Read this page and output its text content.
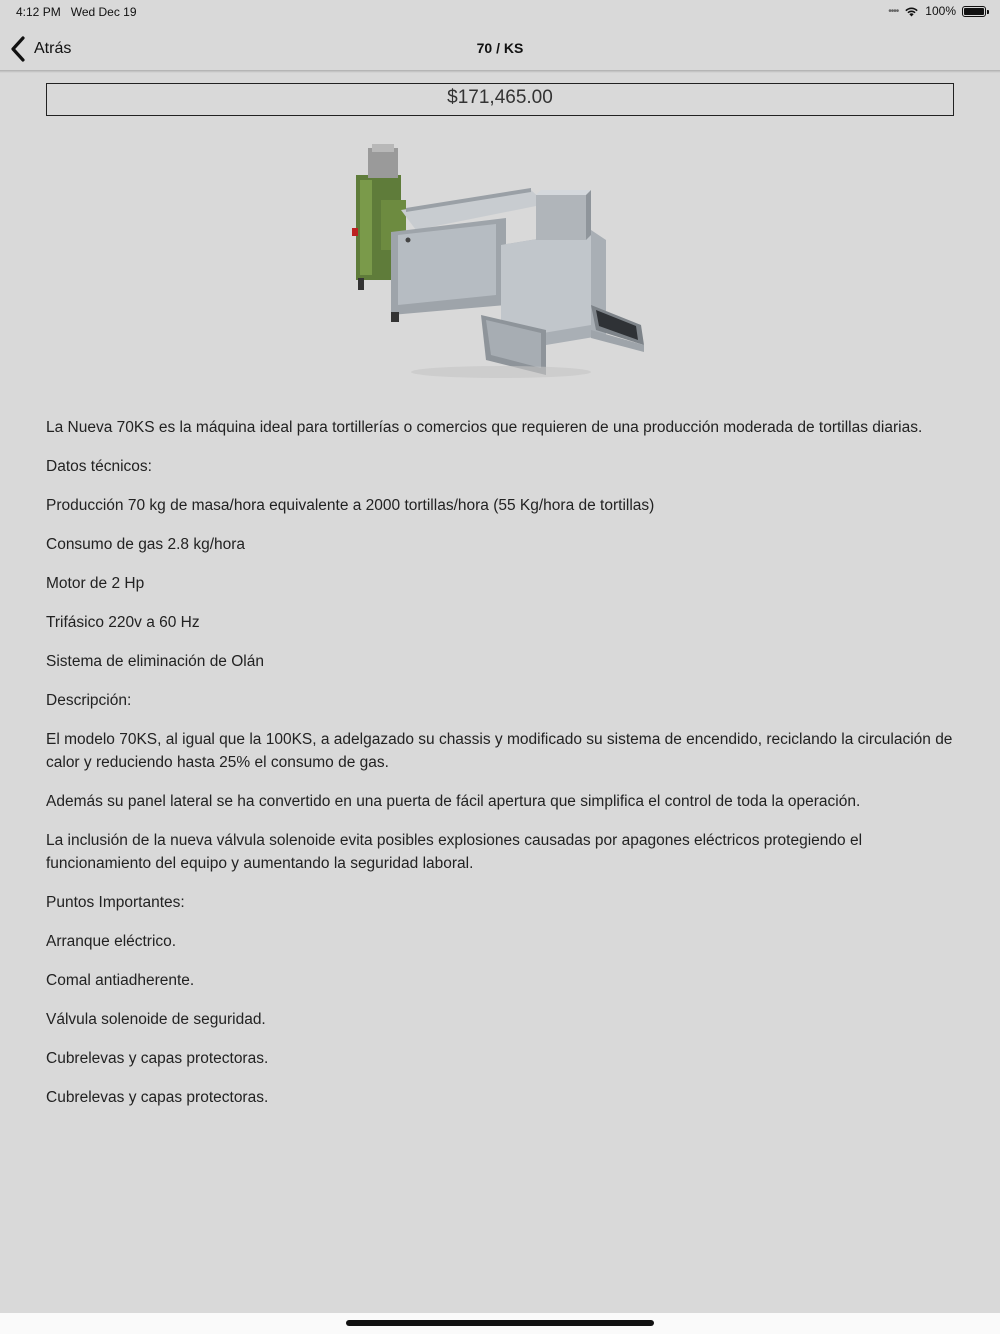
4:12 PM Wed Dec 19	•••• 100%
Atrás	70 / KS
$171,465.00

La Nueva 70KS es la máquina ideal para tortillerías o comercios que requieren de una producción moderada de tortillas diarias.

Datos técnicos:

Producción 70 kg de masa/hora equivalente a 2000 tortillas/hora (55 Kg/hora de tortillas)

Consumo de gas 2.8 kg/hora

Motor de 2 Hp

Trifásico 220v a 60 Hz

Sistema de eliminación de Olán

Descripción:

El modelo 70KS, al igual que la 100KS, a adelgazado su chassis y modificado su sistema de encendido, reciclando la circulación de calor y reduciendo hasta 25% el consumo de gas.

Además su panel lateral se ha convertido en una puerta de fácil apertura que simplifica el control de toda la operación.

La inclusión de la nueva válvula solenoide evita posibles explosiones causadas por apagones eléctricos protegiendo el funcionamiento del equipo y aumentando la seguridad laboral.

Puntos Importantes:

Arranque eléctrico.

Comal antiadherente.

Válvula solenoide de seguridad.

Cubrelevas y capas protectoras.

Cubrelevas y capas protectoras.
